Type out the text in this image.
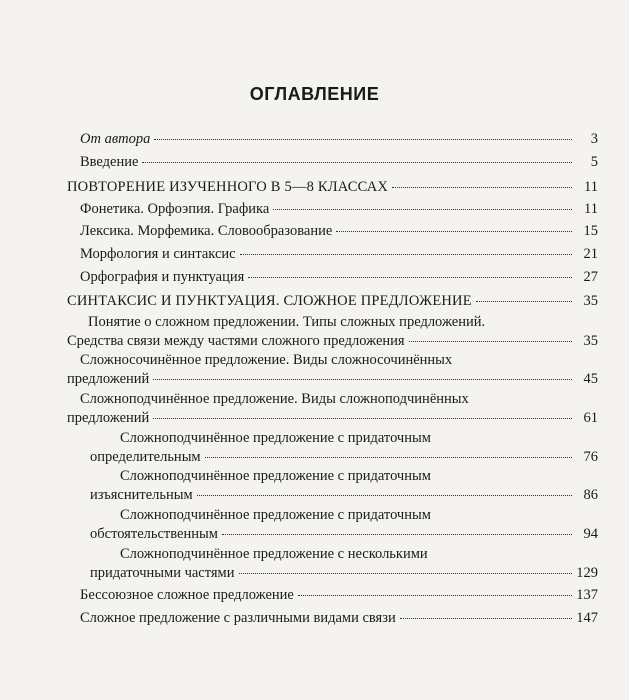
ОГЛАВЛЕНИЕ
От автора	3
Введение	5
ПОВТОРЕНИЕ ИЗУЧЕННОГО В 5—8 КЛАССАХ	11
Фонетика. Орфоэпия. Графика	11
Лексика. Морфемика. Словообразование	15
Морфология и синтаксис	21
Орфография и пунктуация	27
СИНТАКСИС И ПУНКТУАЦИЯ. СЛОЖНОЕ ПРЕДЛОЖЕНИЕ	35
Понятие о сложном предложении. Типы сложных предложений.
Средства связи между частями сложного предложения	35
Сложносочинённое предложение. Виды сложносочинённых
предложений	45
Сложноподчинённое предложение. Виды сложноподчинённых
предложений	61
Сложноподчинённое предложение с придаточным
определительным	76
Сложноподчинённое предложение с придаточным
изъяснительным	86
Сложноподчинённое предложение с придаточным
обстоятельственным	94
Сложноподчинённое предложение с несколькими
придаточными частями	129
Бессоюзное сложное предложение	137
Сложное предложение с различными видами связи	147
